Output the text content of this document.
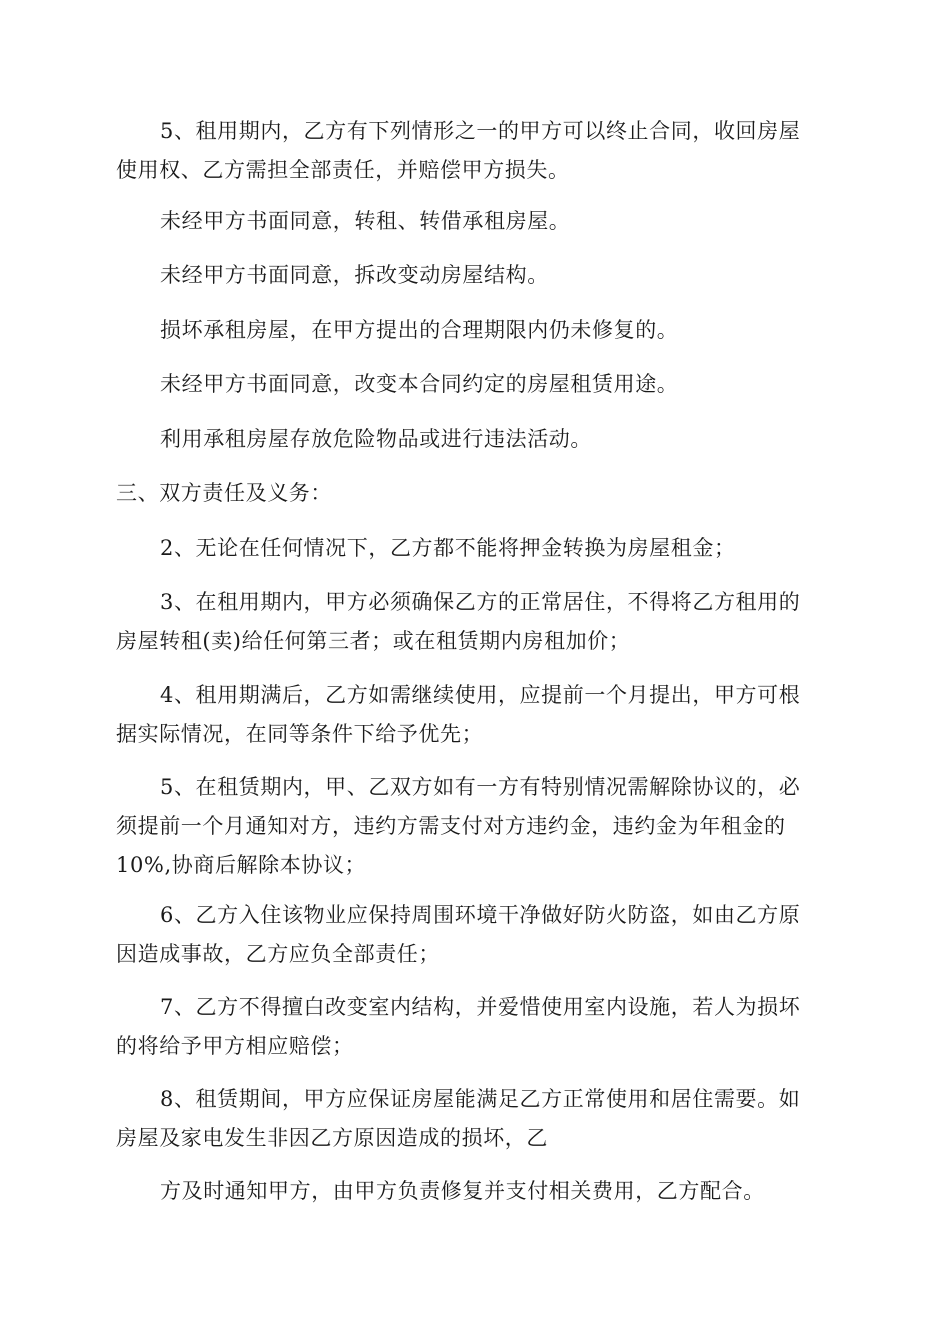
5、租用期内，乙方有下列情形之一的甲方可以终止合同，收回房屋
使用权、乙方需担全部责任，并赔偿甲方损失。

未经甲方书面同意，转租、转借承租房屋。

未经甲方书面同意，拆改变动房屋结构。

损坏承租房屋，在甲方提出的合理期限内仍未修复的。

未经甲方书面同意，改变本合同约定的房屋租赁用途。

利用承租房屋存放危险物品或进行违法活动。

三、双方责任及义务：

2、无论在任何情况下，乙方都不能将押金转换为房屋租金；

3、在租用期内，甲方必须确保乙方的正常居住，不得将乙方租用的
房屋转租(卖)给任何第三者；或在租赁期内房租加价；

4、租用期满后，乙方如需继续使用，应提前一个月提出，甲方可根
据实际情况，在同等条件下给予优先；

5、在租赁期内，甲、乙双方如有一方有特别情况需解除协议的，必
须提前一个月通知对方，违约方需支付对方违约金，违约金为年租金的
10%,协商后解除本协议；

6、乙方入住该物业应保持周围环境干净做好防火防盗，如由乙方原
因造成事故，乙方应负全部责任；

7、乙方不得擅白改变室内结构，并爱惜使用室内设施，若人为损坏
的将给予甲方相应赔偿；

8、租赁期间，甲方应保证房屋能满足乙方正常使用和居住需要。如
房屋及家电发生非因乙方原因造成的损坏，乙

方及时通知甲方，由甲方负责修复并支付相关费用，乙方配合。
